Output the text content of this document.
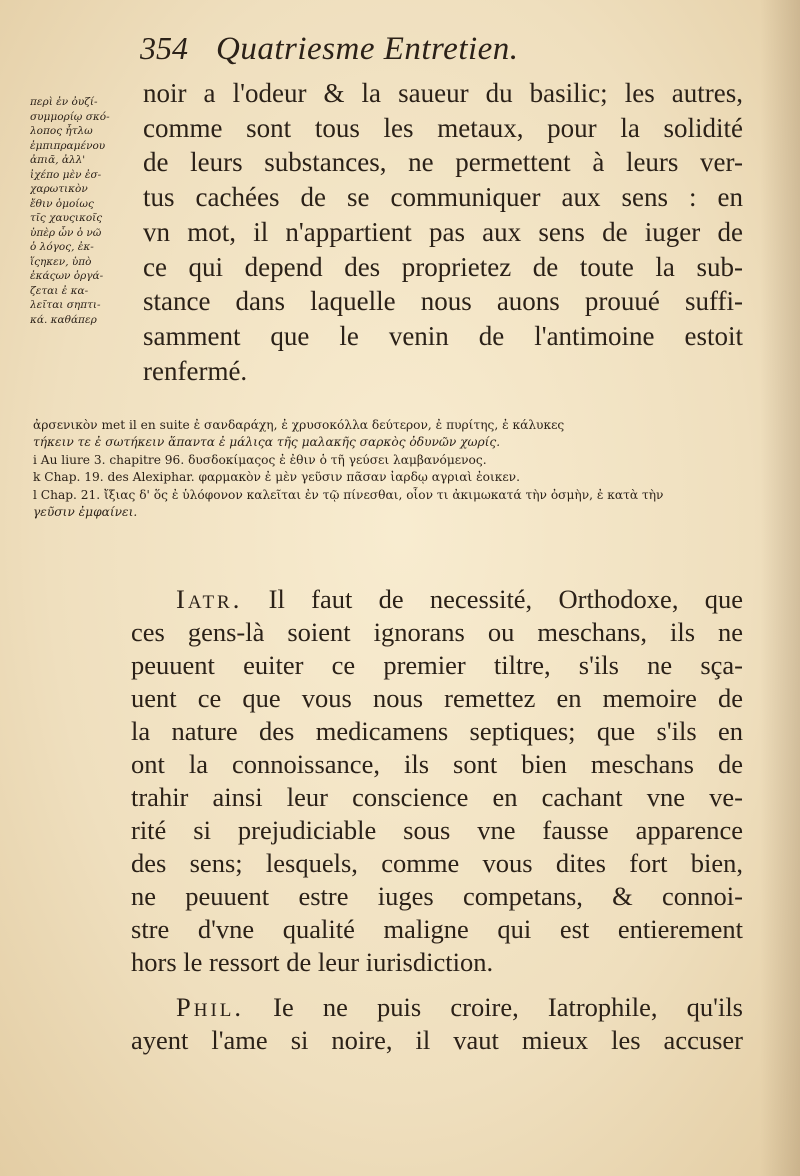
354 Quatriesme Entretien.
περὶ ἐν ὀυζί-
συμμορίῳ σκό-
λοπος ἦτλω
ἐμπιπραμένου
ἀπιᾶ, ἀλλ'
ἰχέπο μὲν ἐσ-
χαρωτικὸν
ἔθιν ὁμοίως
τῖς χαυςικοῖς
ὑπὲρ ὧν ὁ νῶ
ὁ λόγος, ἐκ-
ἵςηκεν, ὑπὸ
ἐκάςων ὁργά-
ζεται ἐ κα-
λεῖται σηπτι-
κά. καθάπερ
noir a l'odeur & la saueur du basilic; les autres,
comme sont tous les metaux, pour la solidité
de leurs substances, ne permettent à leurs ver-
tus cachées de se communiquer aux sens : en
vn mot, il n'appartient pas aux sens de iuger de
ce qui depend des proprietez de toute la sub-
stance dans laquelle nous auons prouué suffi-
samment que le venin de l'antimoine estoit
renfermé.
ἀρσενικὸν met il en suite ἐ σανδαράχη, ἐ χρυσοκόλλα δεύτερον, ἐ πυρίτης, ἐ κάλυκες
τήκειν τε ἐ σωτήκειν ἅπαντα ἐ μάλιςα τῆς μαλακῆς σαρκὸς ὀδυνῶν χωρίς.
i Au liure 3. chapitre 96. δυσδοκίμαςος ἐ ἐθιν ὁ τῆ γεύσει λαμβανόμενος.
k Chap. 19. des Alexiphar. φαρμακὸν ἐ μὲν γεῦσιν πᾶσαν ἰαρδῳ αγριαὶ ἐοικεν.
l Chap. 21. ἴξιας δ' ὅς ἐ ὑλόφονον καλεῖται ἐν τῷ πίνεσθαι, οἷον τι ἀκιμωκατά τὴν ὀσμὴν, ἐ κατὰ τὴν
γεῦσιν ἐμφαίνει.
Iatr. Il faut de necessité, Orthodoxe, que
ces gens-là soient ignorans ou meschans, ils ne
peuuent euiter ce premier tiltre, s'ils ne sça-
uent ce que vous nous remettez en memoire de
la nature des medicamens septiques; que s'ils en
ont la connoissance, ils sont bien meschans de
trahir ainsi leur conscience en cachant vne ve-
rité si prejudiciable sous vne fausse apparence
des sens; lesquels, comme vous dites fort bien,
ne peuuent estre iuges competans, & connoi-
stre d'vne qualité maligne qui est entierement
hors le ressort de leur iurisdiction.
Phil. Ie ne puis croire, Iatrophile, qu'ils
ayent l'ame si noire, il vaut mieux les accuser
